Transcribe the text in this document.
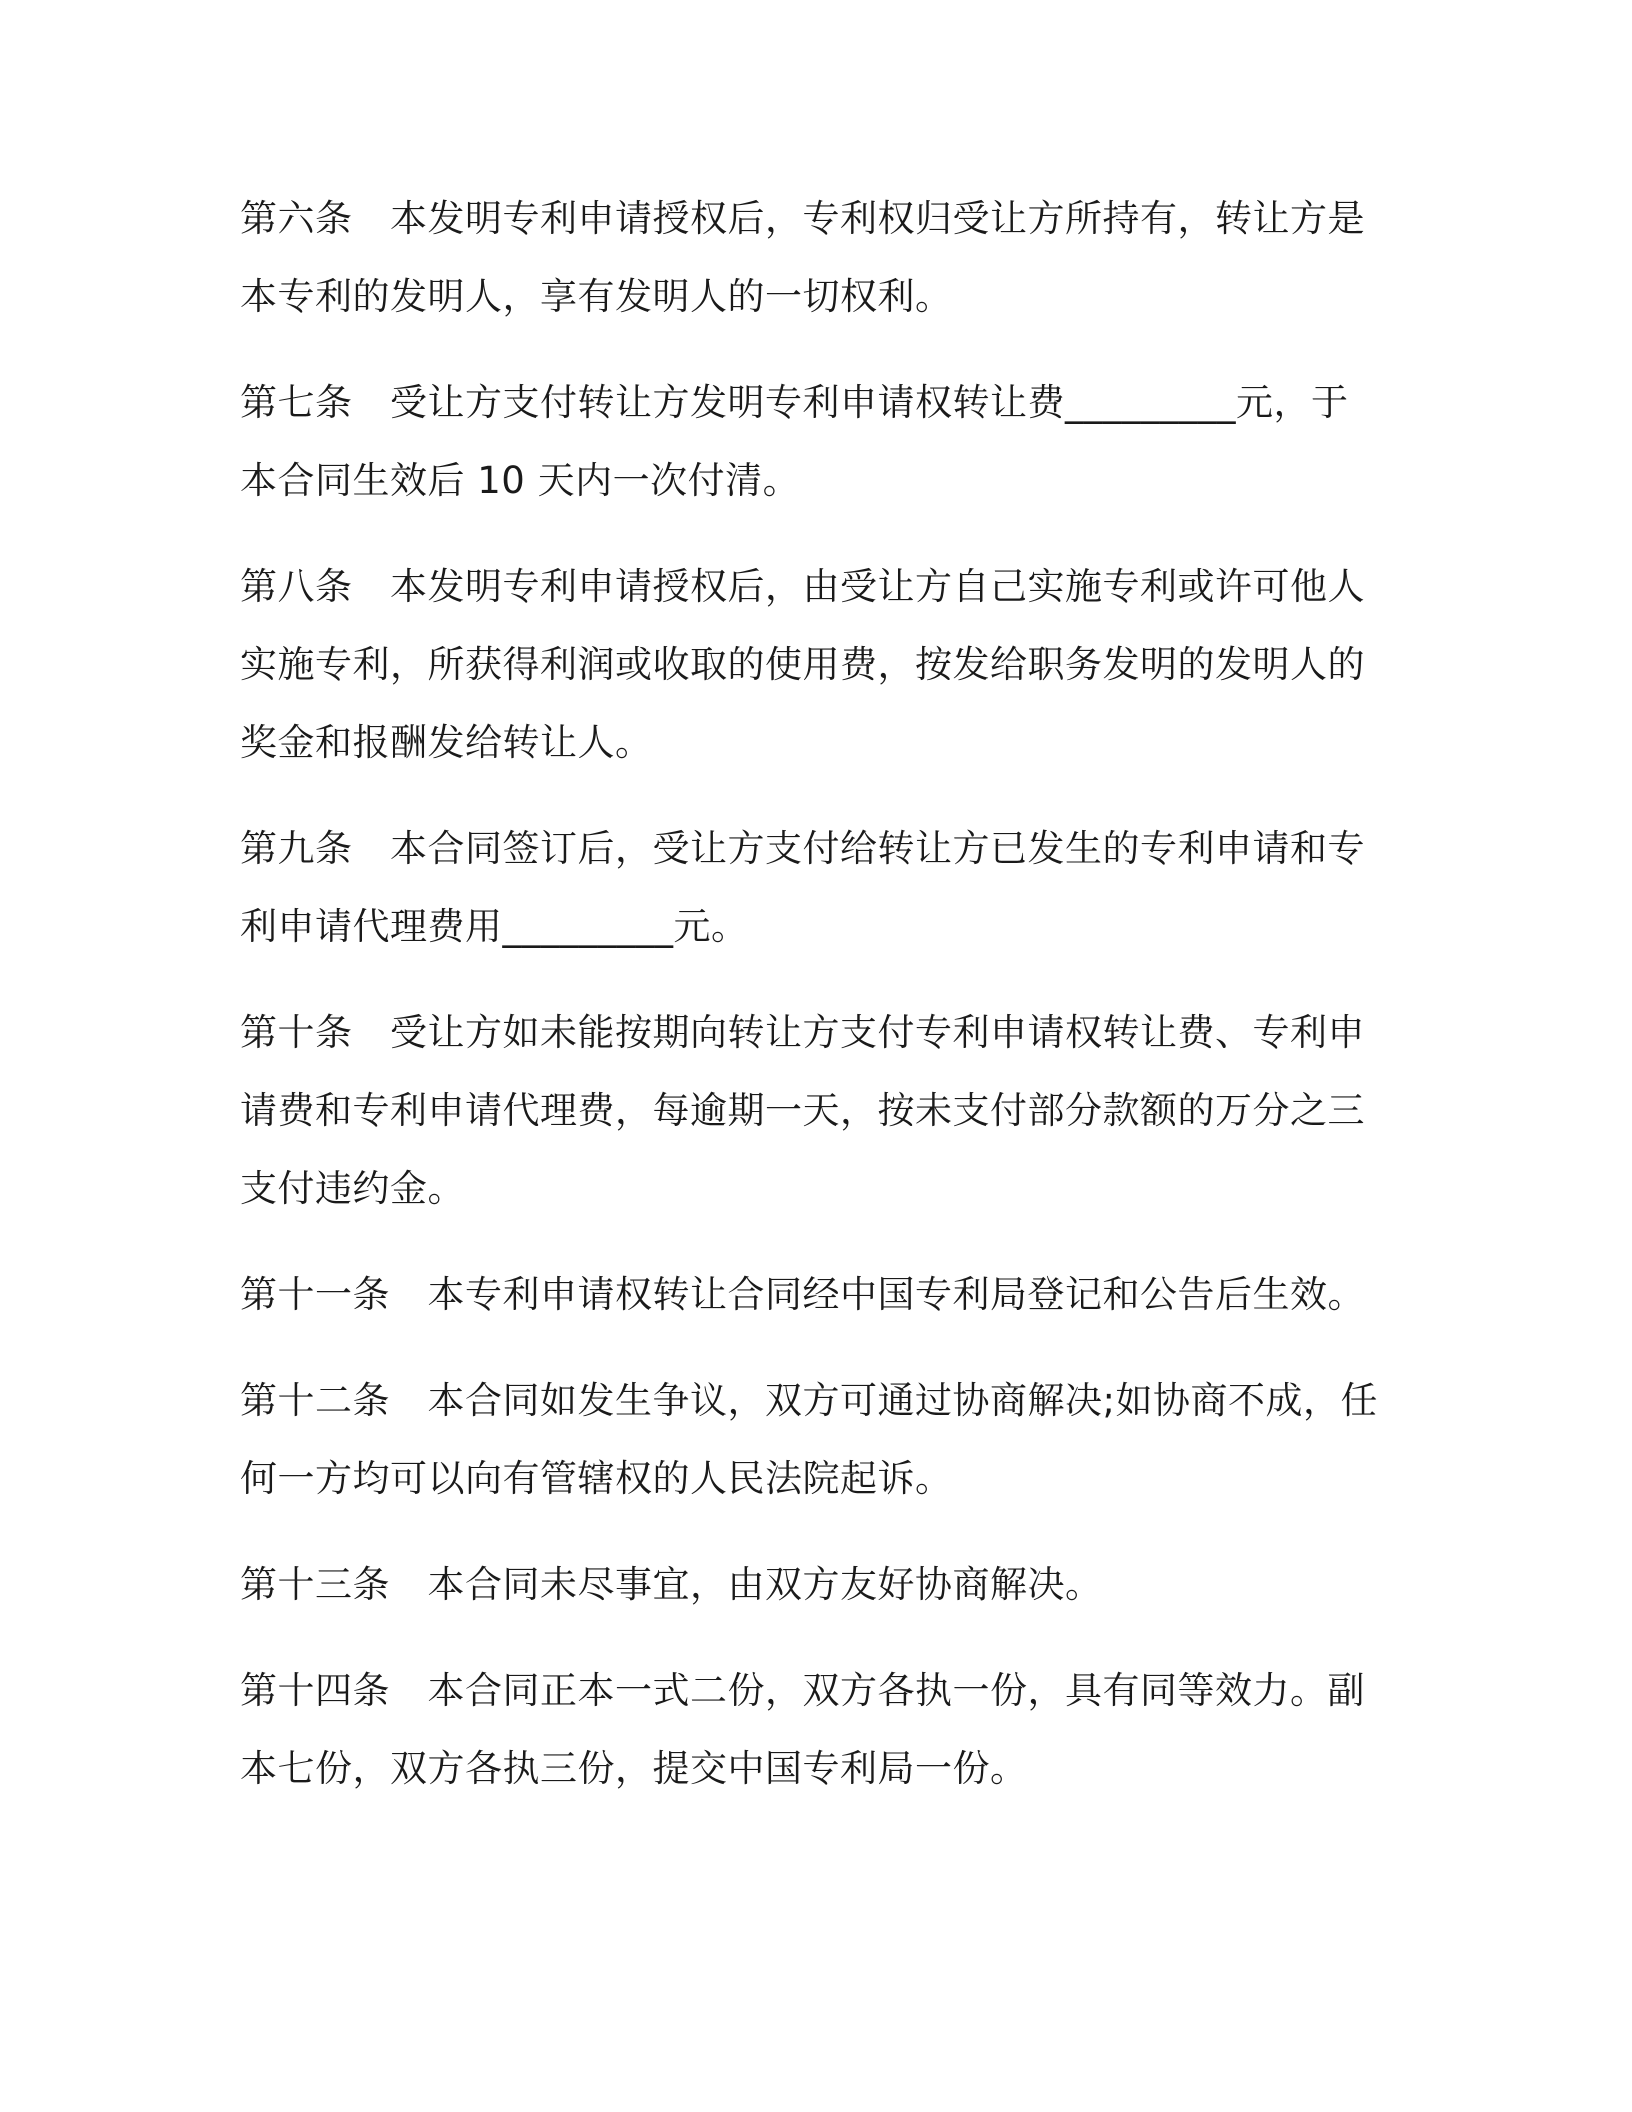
第六条　本发明专利申请授权后，专利权归受让方所持有，转让方是
本专利的发明人，享有发明人的一切权利。
第七条　受让方支付转让方发明专利申请权转让费_________元，于
本合同生效后 10 天内一次付清。
第八条　本发明专利申请授权后，由受让方自己实施专利或许可他人
实施专利，所获得利润或收取的使用费，按发给职务发明的发明人的
奖金和报酬发给转让人。
第九条　本合同签订后，受让方支付给转让方已发生的专利申请和专
利申请代理费用_________元。
第十条　受让方如未能按期向转让方支付专利申请权转让费、专利申
请费和专利申请代理费，每逾期一天，按未支付部分款额的万分之三
支付违约金。
第十一条　本专利申请权转让合同经中国专利局登记和公告后生效。
第十二条　本合同如发生争议，双方可通过协商解决;如协商不成，任
何一方均可以向有管辖权的人民法院起诉。
第十三条　本合同未尽事宜，由双方友好协商解决。
第十四条　本合同正本一式二份，双方各执一份，具有同等效力。副
本七份，双方各执三份，提交中国专利局一份。
